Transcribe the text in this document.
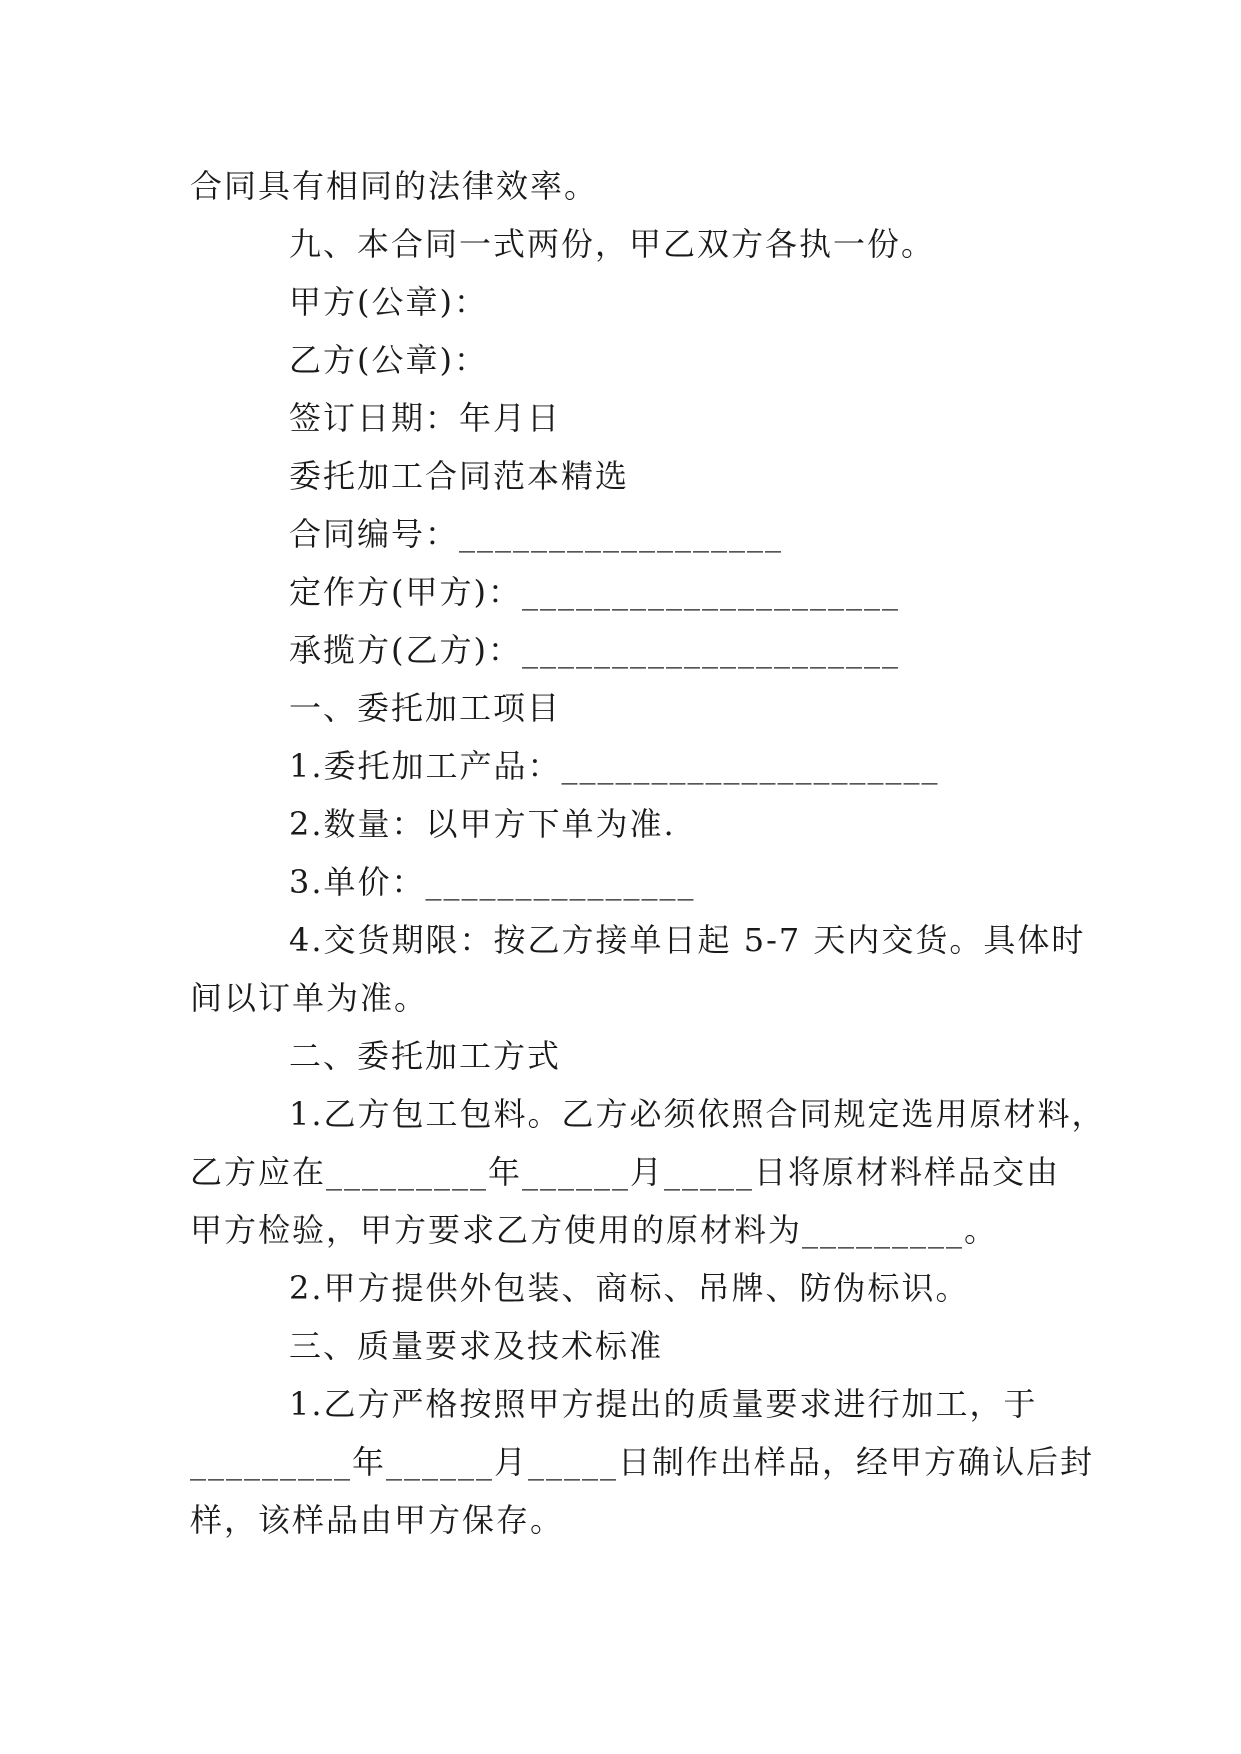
合同具有相同的法律效率。
九、本合同一式两份，甲乙双方各执一份。
甲方(公章)：
乙方(公章)：
签订日期：年月日
委托加工合同范本精选
合同编号：__________________
定作方(甲方)：_____________________
承揽方(乙方)：_____________________
一、委托加工项目
1.委托加工产品：_____________________
2.数量：以甲方下单为准.
3.单价：_______________
4.交货期限：按乙方接单日起 5-7 天内交货。具体时
间以订单为准。
二、委托加工方式
1.乙方包工包料。乙方必须依照合同规定选用原材料，
乙方应在_________年______月_____日将原材料样品交由
甲方检验，甲方要求乙方使用的原材料为_________。
2.甲方提供外包装、商标、吊牌、防伪标识。
三、质量要求及技术标准
1.乙方严格按照甲方提出的质量要求进行加工，于
_________年______月_____日制作出样品，经甲方确认后封
样，该样品由甲方保存。
